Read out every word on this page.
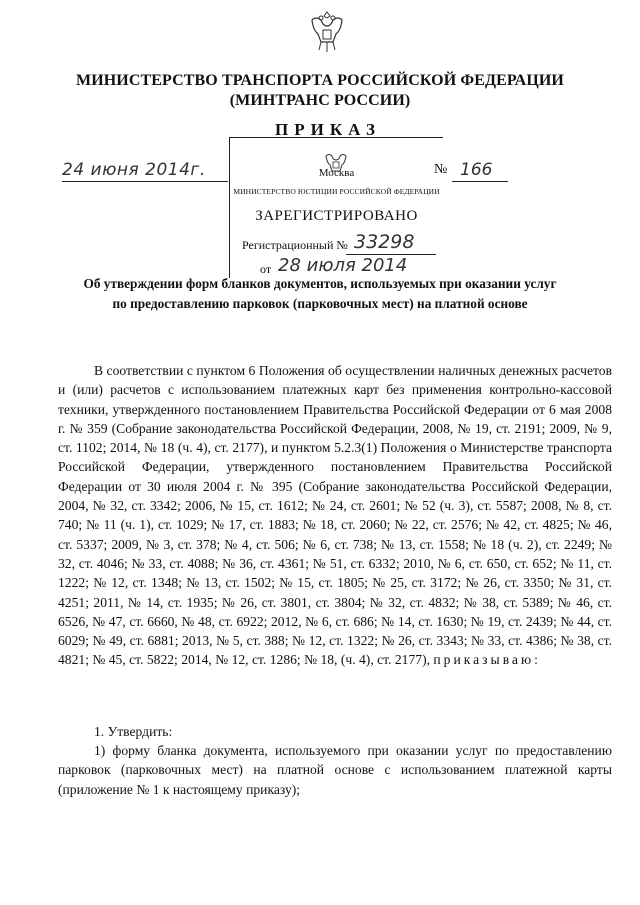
МИНИСТЕРСТВО ТРАНСПОРТА РОССИЙСКОЙ ФЕДЕРАЦИИ
(МИНТРАНС РОССИИ)
ПРИКАЗ
24 июня 2014г.	№ 166
Москва
МИНИСТЕРСТВО ЮСТИЦИИ РОССИЙСКОЙ ФЕДЕРАЦИИ
ЗАРЕГИСТРИРОВАНО
Регистрационный № 33298
от 28 июля 2014
Об утверждении форм бланков документов, используемых при оказании услуг
по предоставлению парковок (парковочных мест) на платной основе
В соответствии с пунктом 6 Положения об осуществлении наличных денежных расчетов и (или) расчетов с использованием платежных карт без применения контрольно-кассовой техники, утвержденного постановлением Правительства Российской Федерации от 6 мая 2008 г. № 359 (Собрание законодательства Российской Федерации, 2008, № 19, ст. 2191; 2009, № 9, ст. 1102; 2014, № 18 (ч. 4), ст. 2177), и пунктом 5.2.3(1) Положения о Министерстве транспорта Российской Федерации, утвержденного постановлением Правительства Российской Федерации от 30 июля 2004 г. № 395 (Собрание законодательства Российской Федерации, 2004, № 32, ст. 3342; 2006, № 15, ст. 1612; № 24, ст. 2601; № 52 (ч. 3), ст. 5587; 2008, № 8, ст. 740; № 11 (ч. 1), ст. 1029; № 17, ст. 1883; № 18, ст. 2060; № 22, ст. 2576; № 42, ст. 4825; № 46, ст. 5337; 2009, № 3, ст. 378; № 4, ст. 506; № 6, ст. 738; № 13, ст. 1558; № 18 (ч. 2), ст. 2249; № 32, ст. 4046; № 33, ст. 4088; № 36, ст. 4361; № 51, ст. 6332; 2010, № 6, ст. 650, ст. 652; № 11, ст. 1222; № 12, ст. 1348; № 13, ст. 1502; № 15, ст. 1805; № 25, ст. 3172; № 26, ст. 3350; № 31, ст. 4251; 2011, № 14, ст. 1935; № 26, ст. 3801, ст. 3804; № 32, ст. 4832; № 38, ст. 5389; № 46, ст. 6526, № 47, ст. 6660, № 48, ст. 6922; 2012, № 6, ст. 686; № 14, ст. 1630; № 19, ст. 2439; № 44, ст. 6029; № 49, ст. 6881; 2013, № 5, ст. 388; № 12, ст. 1322; № 26, ст. 3343; № 33, ст. 4386; № 38, ст. 4821; № 45, ст. 5822; 2014, № 12, ст. 1286; № 18, (ч. 4), ст. 2177), приказываю:
1. Утвердить:
1) форму бланка документа, используемого при оказании услуг по предоставлению парковок (парковочных мест) на платной основе с использованием платежной карты (приложение № 1 к настоящему приказу);
